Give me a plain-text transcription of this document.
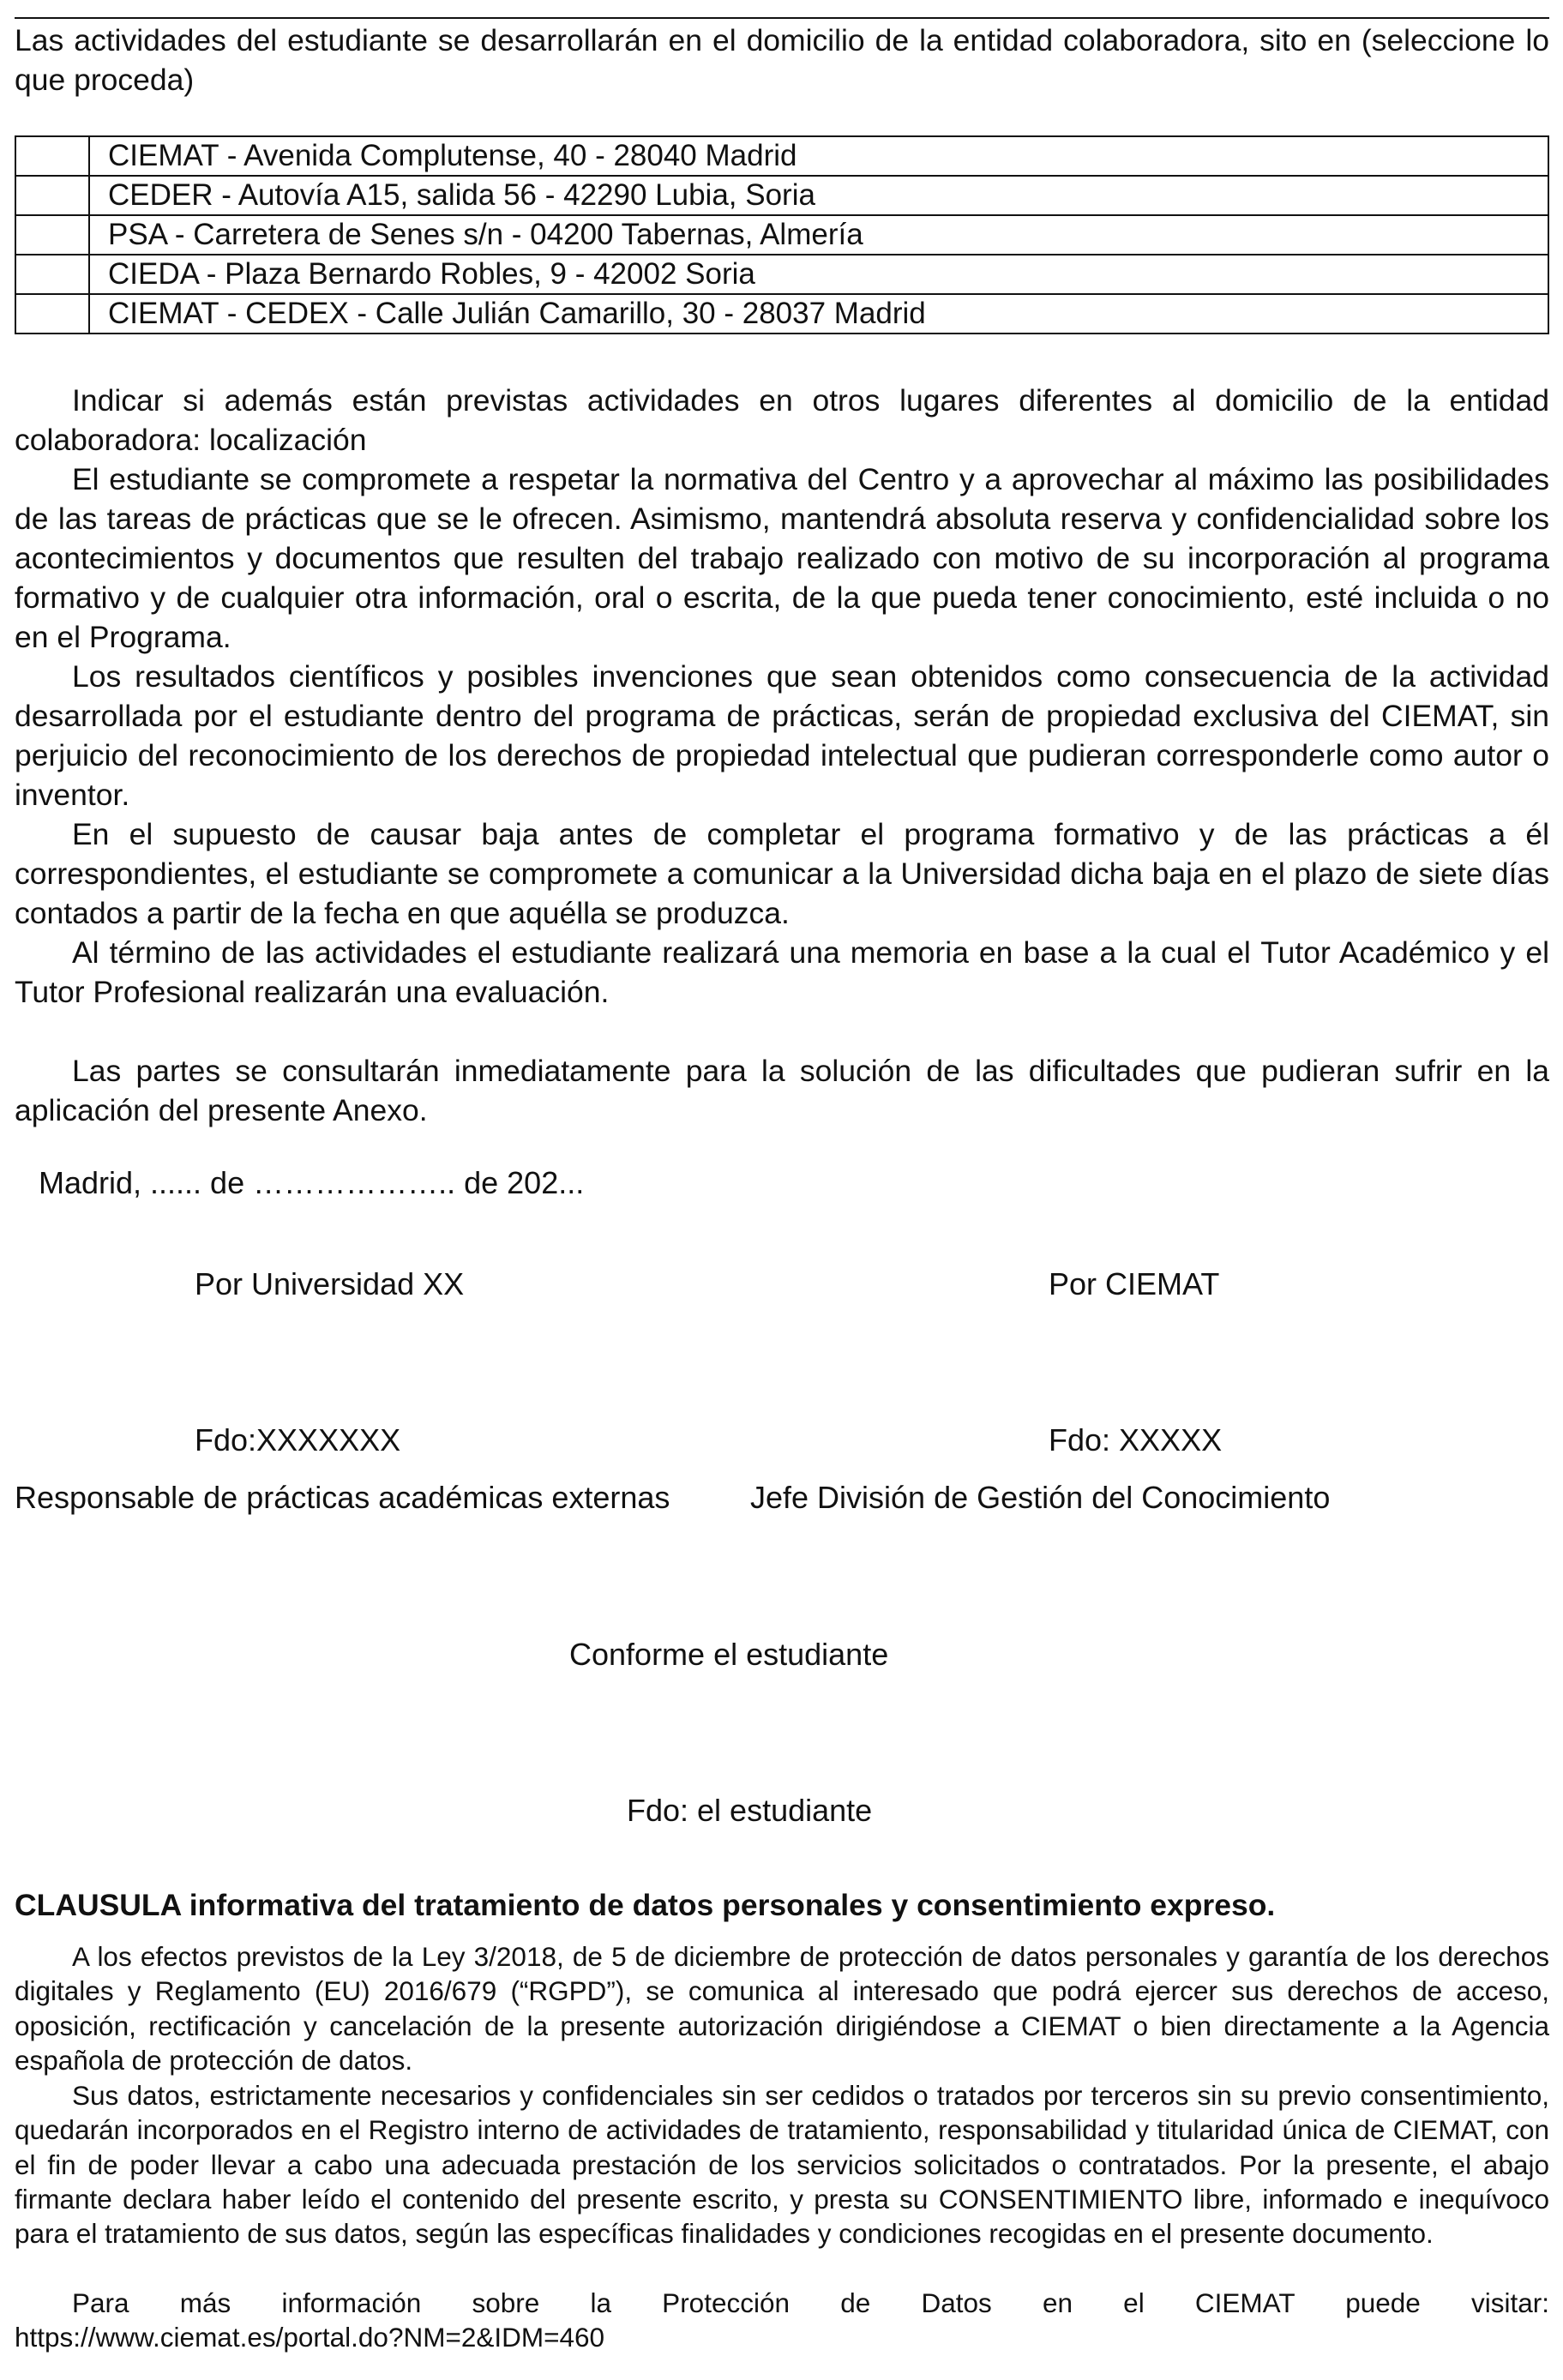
Las actividades del estudiante se desarrollarán en el domicilio de la entidad colaboradora, sito en (seleccione lo que proceda)

	CIEMAT - Avenida Complutense, 40 - 28040 Madrid
	CEDER - Autovía A15, salida 56 - 42290 Lubia, Soria
	PSA - Carretera de Senes s/n - 04200 Tabernas, Almería
	CIEDA - Plaza Bernardo Robles, 9 - 42002 Soria
	CIEMAT - CEDEX - Calle Julián Camarillo, 30 - 28037 Madrid

Indicar si además están previstas actividades en otros lugares diferentes al domicilio de la entidad colaboradora: localización

El estudiante se compromete a respetar la normativa del Centro y a aprovechar al máximo las posibilidades de las tareas de prácticas que se le ofrecen. Asimismo, mantendrá absoluta reserva y confidencialidad sobre los acontecimientos y documentos que resulten del trabajo realizado con motivo de su incorporación al programa formativo y de cualquier otra información, oral o escrita, de la que pueda tener conocimiento, esté incluida o no en el Programa.

Los resultados científicos y posibles invenciones que sean obtenidos como consecuencia de la actividad desarrollada por el estudiante dentro del programa de prácticas, serán de propiedad exclusiva del CIEMAT, sin perjuicio del reconocimiento de los derechos de propiedad intelectual que pudieran corresponderle como autor o inventor.

En el supuesto de causar baja antes de completar el programa formativo y de las prácticas a él correspondientes, el estudiante se compromete a comunicar a la Universidad dicha baja en el plazo de siete días contados a partir de la fecha en que aquélla se produzca.

Al término de las actividades el estudiante realizará una memoria en base a la cual el Tutor Académico y el Tutor Profesional realizarán una evaluación.

Las partes se consultarán inmediatamente para la solución de las dificultades que pudieran sufrir en la aplicación del presente Anexo.

Madrid, ...... de ……………….. de 202...

Por Universidad XX	Por CIEMAT

Fdo:XXXXXXX	Fdo: XXXXX

Responsable de prácticas académicas externas	Jefe División de Gestión del Conocimiento

Conforme el estudiante

Fdo: el estudiante

CLAUSULA informativa del tratamiento de datos personales y consentimiento expreso.

A los efectos previstos de la Ley 3/2018, de 5 de diciembre de protección de datos personales y garantía de los derechos digitales y Reglamento (EU) 2016/679 (“RGPD”), se comunica al interesado que podrá ejercer sus derechos de acceso, oposición, rectificación y cancelación de la presente autorización dirigiéndose a CIEMAT o bien directamente a la Agencia española de protección de datos.

Sus datos, estrictamente necesarios y confidenciales sin ser cedidos o tratados por terceros sin su previo consentimiento, quedarán incorporados en el Registro interno de actividades de tratamiento, responsabilidad y titularidad única de CIEMAT, con el fin de poder llevar a cabo una adecuada prestación de los servicios solicitados o contratados. Por la presente, el abajo firmante declara haber leído el contenido del presente escrito, y presta su CONSENTIMIENTO libre, informado e inequívoco para el tratamiento de sus datos, según las específicas finalidades y condiciones recogidas en el presente documento.

Para más información sobre la Protección de Datos en el CIEMAT puede visitar:

https://www.ciemat.es/portal.do?NM=2&IDM=460
